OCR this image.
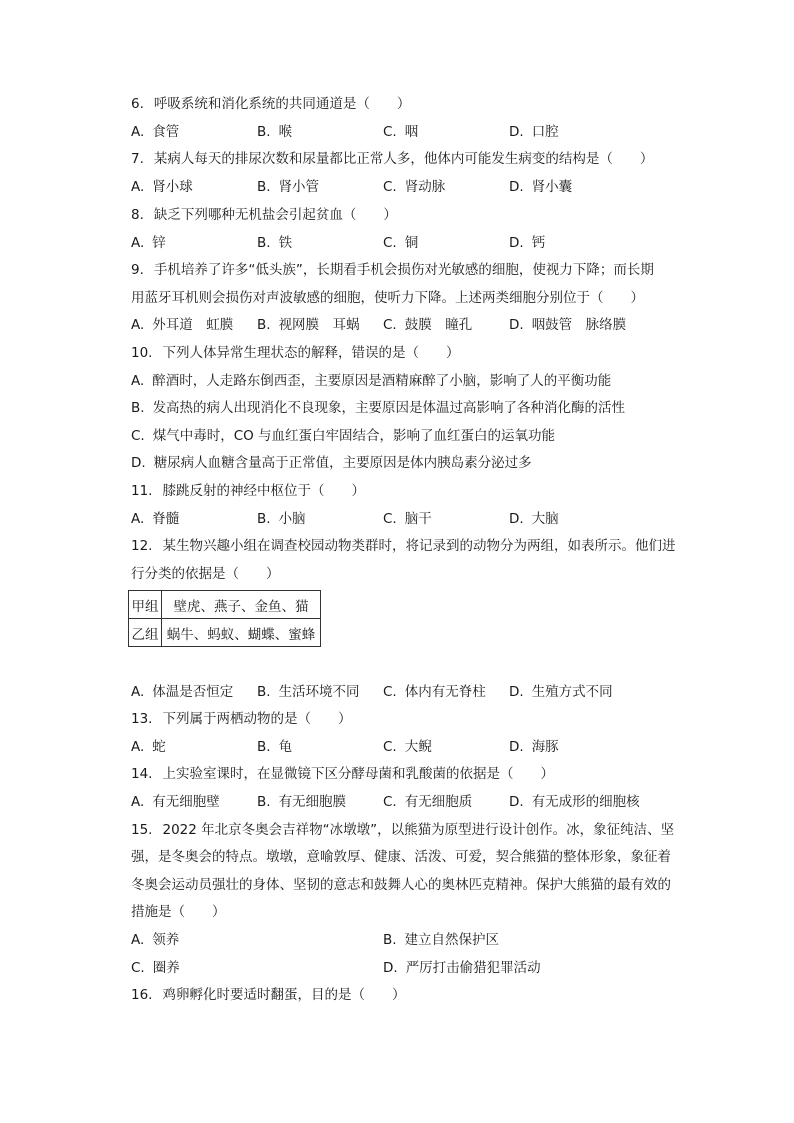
6. 呼吸系统和消化系统的共同通道是（　　）
A. 食管	B. 喉	C. 咽	D. 口腔
7. 某病人每天的排尿次数和尿量都比正常人多，他体内可能发生病变的结构是（　　）
A. 肾小球	B. 肾小管	C. 肾动脉	D. 肾小囊
8. 缺乏下列哪种无机盐会引起贫血（　　）
A. 锌	B. 铁	C. 铜	D. 钙
9. 手机培养了许多“低头族”，长期看手机会损伤对光敏感的细胞，使视力下降；而长期
用蓝牙耳机则会损伤对声波敏感的细胞，使听力下降。上述两类细胞分别位于（　　）
A. 外耳道　虹膜 B. 视网膜　耳蜗 C. 鼓膜　瞳孔	D. 咽鼓管　脉络膜
10. 下列人体异常生理状态的解释，错误的是（　　）
A. 醉酒时，人走路东倒西歪，主要原因是酒精麻醉了小脑，影响了人的平衡功能
B. 发高热的病人出现消化不良现象，主要原因是体温过高影响了各种消化酶的活性
C. 煤气中毒时，CO 与血红蛋白牢固结合，影响了血红蛋白的运氧功能
D. 糖尿病人血糖含量高于正常值，主要原因是体内胰岛素分泌过多
11. 膝跳反射的神经中枢位于（　　）
A. 脊髓	B. 小脑	C. 脑干	D. 大脑
12. 某生物兴趣小组在调查校园动物类群时，将记录到的动物分为两组，如表所示。他们进
行分类的依据是（　　）
甲组	壁虎、燕子、金鱼、猫
乙组	蜗牛、蚂蚁、蝴蝶、蜜蜂
A. 体温是否恒定 B. 生活环境不同 C. 体内有无脊柱 D. 生殖方式不同
13. 下列属于两栖动物的是（　　）
A. 蛇	B. 龟	C. 大鲵	D. 海豚
14. 上实验室课时，在显微镜下区分酵母菌和乳酸菌的依据是（　　）
A. 有无细胞壁	B. 有无细胞膜	C. 有无细胞质	D. 有无成形的细胞核
15. 2022 年北京冬奥会吉祥物“冰墩墩”，以熊猫为原型进行设计创作。冰，象征纯洁、坚
强，是冬奥会的特点。墩墩，意喻敦厚、健康、活泼、可爱，契合熊猫的整体形象，象征着
冬奥会运动员强壮的身体、坚韧的意志和鼓舞人心的奥林匹克精神。保护大熊猫的最有效的
措施是（　　）
A. 领养	B. 建立自然保护区
C. 圈养	D. 严厉打击偷猎犯罪活动
16. 鸡卵孵化时要适时翻蛋，目的是（　　）
